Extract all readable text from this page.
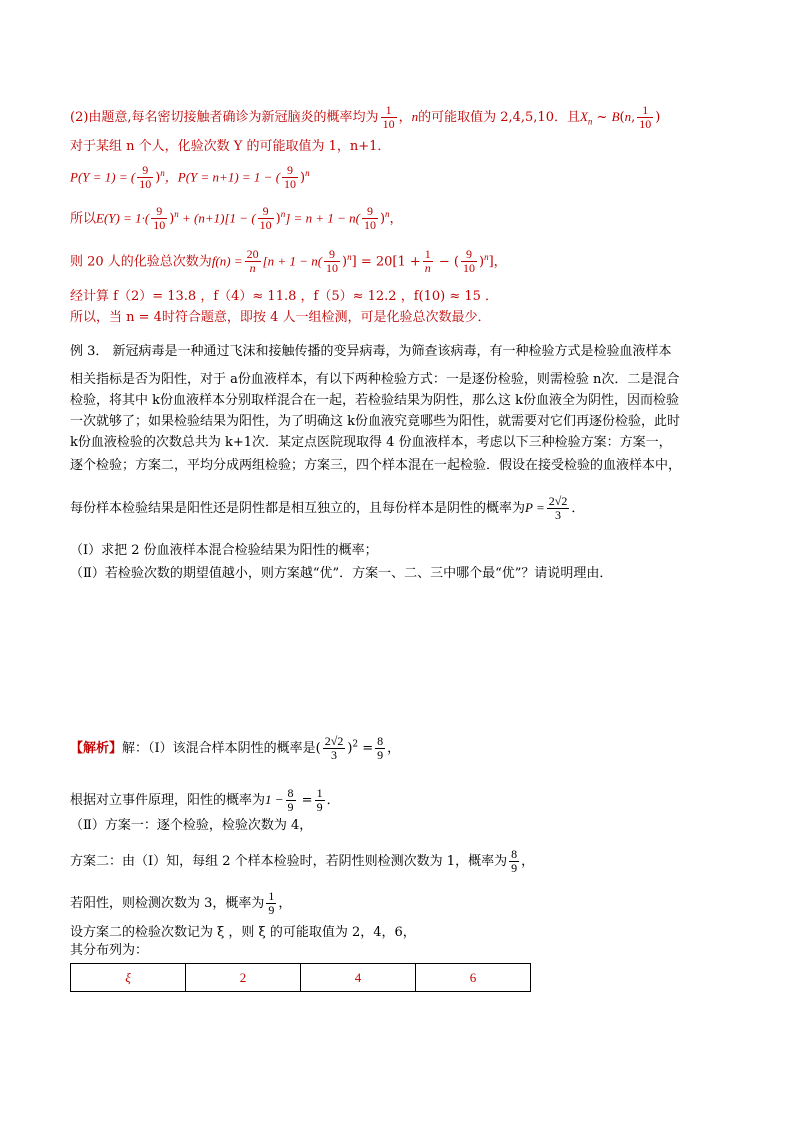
(2)由题意,每名密切接触者确诊为新冠脑炎的概率均为 $\frac{1}{10}$ ，n的可能取值为 2,4,5,10．且$X_n$ ~ B(n, $\frac{1}{10}$ )
对于某组 n 个人，化验次数 Y 的可能取值为 1，n+1．
P(Y = 1) = ( $\frac{9}{10} )^n$，P(Y = n+1) = 1 − ( $\frac{9}{10} )^n$
所以$E(Y) = 1\cdot( \frac{9}{10} )^n + (n+1)[1$ − ( $\frac{9}{10} )^n] = n + 1 - n( \frac{9}{10} )^n$，
则 20 人的化验总次数为$f(n) = \frac{20}{n} [n + 1 - n( \frac{9}{10} )^n] = 20[1 + \frac{1}{n}$ − ( $\frac{9}{10} )^n$]，
经计算 f（2）= 13.8 ，f（4）≈ 11.8 ，f（5）≈ 12.2 ，f(10) ≈ 15 ．
所以，当 n = 4时符合题意，即按 4 人一组检测，可是化验总次数最少．
例 3． 新冠病毒是一种通过飞沫和接触传播的变异病毒，为筛查该病毒，有一种检验方式是检验血液样本
相关指标是否为阳性，对于 a份血液样本，有以下两种检验方式：一是逐份检验，则需检验 n次．二是混合
检验，将其中 k份血液样本分别取样混合在一起，若检验结果为阴性，那么这 k份血液全为阴性，因而检验
一次就够了；如果检验结果为阳性，为了明确这 k份血液究竟哪些为阳性，就需要对它们再逐份检验，此时
k份血液检验的次数总共为 k+1次．某定点医院现取得 4 份血液样本，考虑以下三种检验方案：方案一，
逐个检验；方案二，平均分成两组检验；方案三，四个样本混在一起检验．假设在接受检验的血液样本中，
每份样本检验结果是阳性还是阴性都是相互独立的，且每份样本是阴性的概率为$P = \frac{2√2}{3}$ ．
（Ⅰ）求把 2 份血液样本混合检验结果为阳性的概率；
（Ⅱ）若检验次数的期望值越小，则方案越“优”．方案一、二、三中哪个最“优”？请说明理由．
【解析】解：（Ⅰ）该混合样本阴性的概率是( $\frac{2√2}{3} )^2 = \frac{8}{9}$ ，
根据对立事件原理，阳性的概率为$1 - \frac{8}{9} = \frac{1}{9}$ ．
（Ⅱ）方案一：逐个检验，检验次数为 4，
方案二：由（Ⅰ）知，每组 2 个样本检验时，若阴性则检测次数为 1，概率为 $\frac{8}{9}$ ，
若阳性，则检测次数为 3，概率为 $\frac{1}{9}$ ，
设方案二的检验次数记为 ξ ，则 ξ 的可能取值为 2，4，6，
其分布列为：
ξ	2	4	6
